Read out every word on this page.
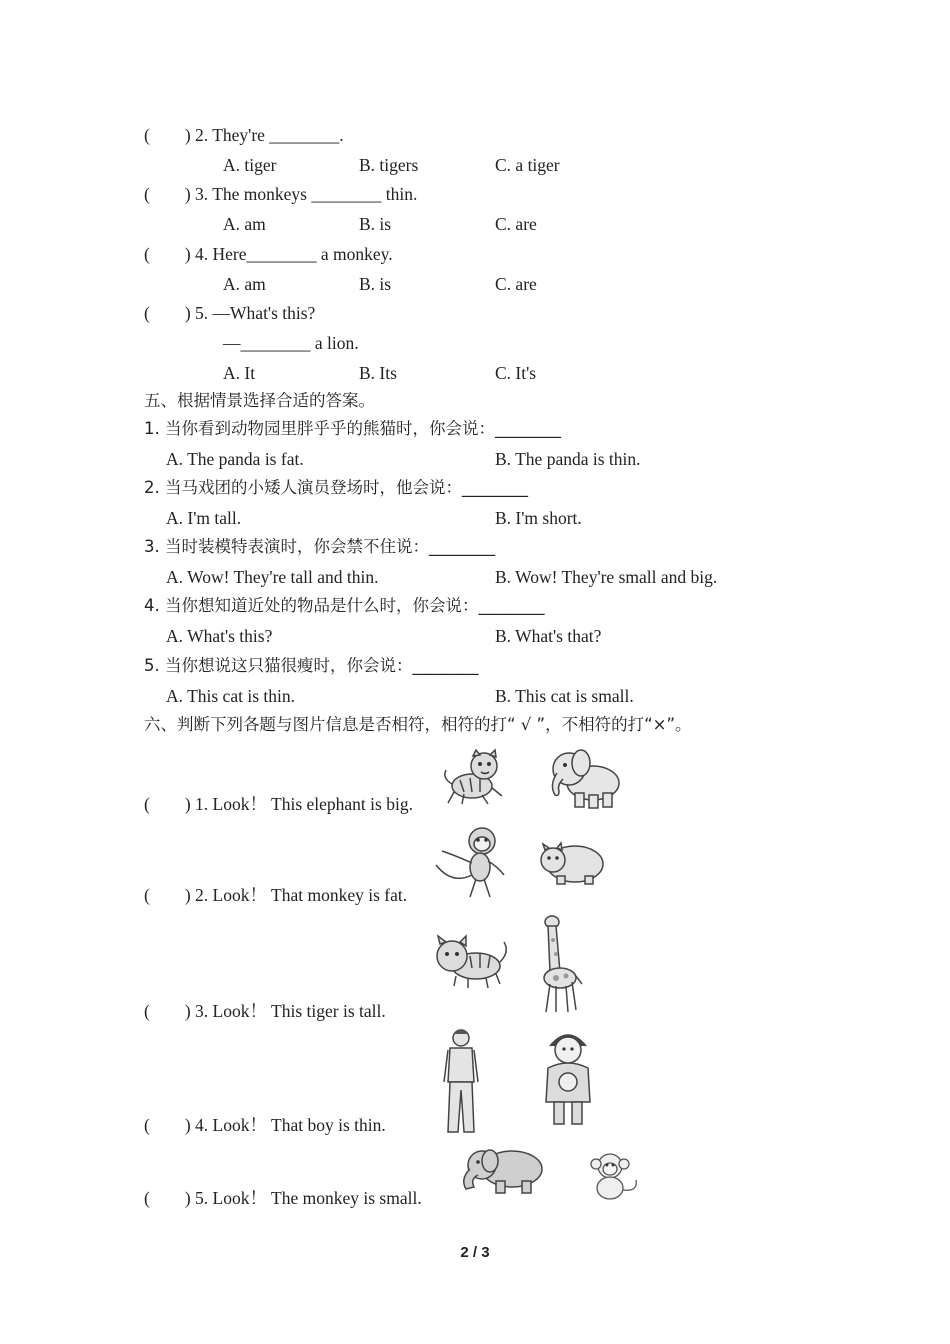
(        ) 2. They're ________.
A. tiger	B. tigers	C. a tiger
(        ) 3. The monkeys ________ thin.
A. am	B. is	C. are
(        ) 4. Here________ a monkey.
A. am	B. is	C. are
(        ) 5. —What's this?
—________ a lion.
A. It	B. Its	C. It's
五、根据情景选择合适的答案。
1. 当你看到动物园里胖乎乎的熊猫时，你会说：________
A. The panda is fat.	B. The panda is thin.
2. 当马戏团的小矮人演员登场时，他会说：________
A. I'm tall.	B. I'm short.
3. 当时装模特表演时，你会禁不住说：________
A. Wow! They're tall and thin.	B. Wow! They're small and big.
4. 当你想知道近处的物品是什么时，你会说：________
A. What's this?	B. What's that?
5. 当你想说这只猫很瘦时，你会说：________
A. This cat is thin.	B. This cat is small.
六、判断下列各题与图片信息是否相符，相符的打“ √ ”，不相符的打“×”。
(        ) 1. Look！ This elephant is big.
(        ) 2. Look！ That monkey is fat.
(        ) 3. Look！ This tiger is tall.
(        ) 4. Look！ That boy is thin.
(        ) 5. Look！ The monkey is small.
2 / 3
